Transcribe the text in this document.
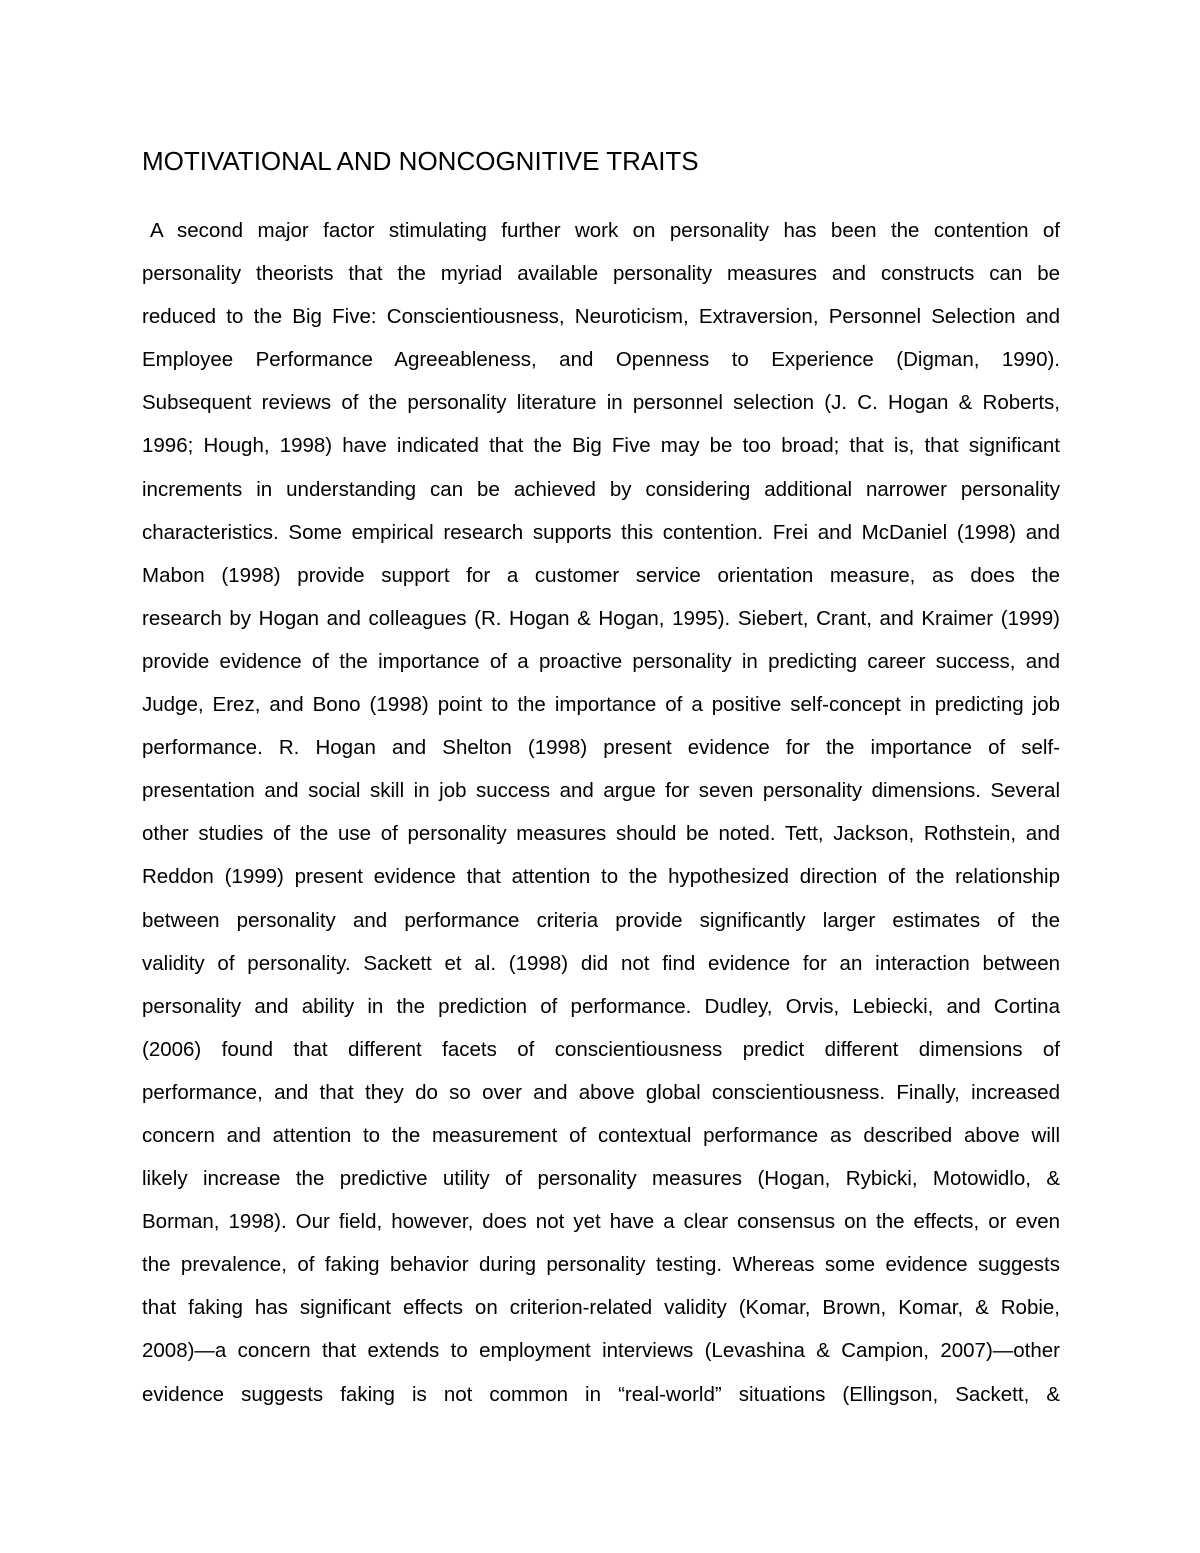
MOTIVATIONAL AND NONCOGNITIVE TRAITS
A second major factor stimulating further work on personality has been the contention of
personality theorists that the myriad available personality measures and constructs can be
reduced to the Big Five: Conscientiousness, Neuroticism, Extraversion, Personnel Selection and
Employee Performance Agreeableness, and Openness to Experience (Digman, 1990).
Subsequent reviews of the personality literature in personnel selection (J. C. Hogan & Roberts,
1996; Hough, 1998) have indicated that the Big Five may be too broad; that is, that significant
increments in understanding can be achieved by considering additional narrower personality
characteristics. Some empirical research supports this contention. Frei and McDaniel (1998) and
Mabon (1998) provide support for a customer service orientation measure, as does the
research by Hogan and colleagues (R. Hogan & Hogan, 1995). Siebert, Crant, and Kraimer (1999)
provide evidence of the importance of a proactive personality in predicting career success, and
Judge, Erez, and Bono (1998) point to the importance of a positive self-concept in predicting job
performance. R. Hogan and Shelton (1998) present evidence for the importance of self-
presentation and social skill in job success and argue for seven personality dimensions. Several
other studies of the use of personality measures should be noted. Tett, Jackson, Rothstein, and
Reddon (1999) present evidence that attention to the hypothesized direction of the relationship
between personality and performance criteria provide significantly larger estimates of the
validity of personality. Sackett et al. (1998) did not find evidence for an interaction between
personality and ability in the prediction of performance. Dudley, Orvis, Lebiecki, and Cortina
(2006) found that different facets of conscientiousness predict different dimensions of
performance, and that they do so over and above global conscientiousness. Finally, increased
concern and attention to the measurement of contextual performance as described above will
likely increase the predictive utility of personality measures (Hogan, Rybicki, Motowidlo, &
Borman, 1998). Our field, however, does not yet have a clear consensus on the effects, or even
the prevalence, of faking behavior during personality testing. Whereas some evidence suggests
that faking has significant effects on criterion-related validity (Komar, Brown, Komar, & Robie,
2008)—a concern that extends to employment interviews (Levashina & Campion, 2007)—other
evidence suggests faking is not common in “real-world” situations (Ellingson, Sackett, &
